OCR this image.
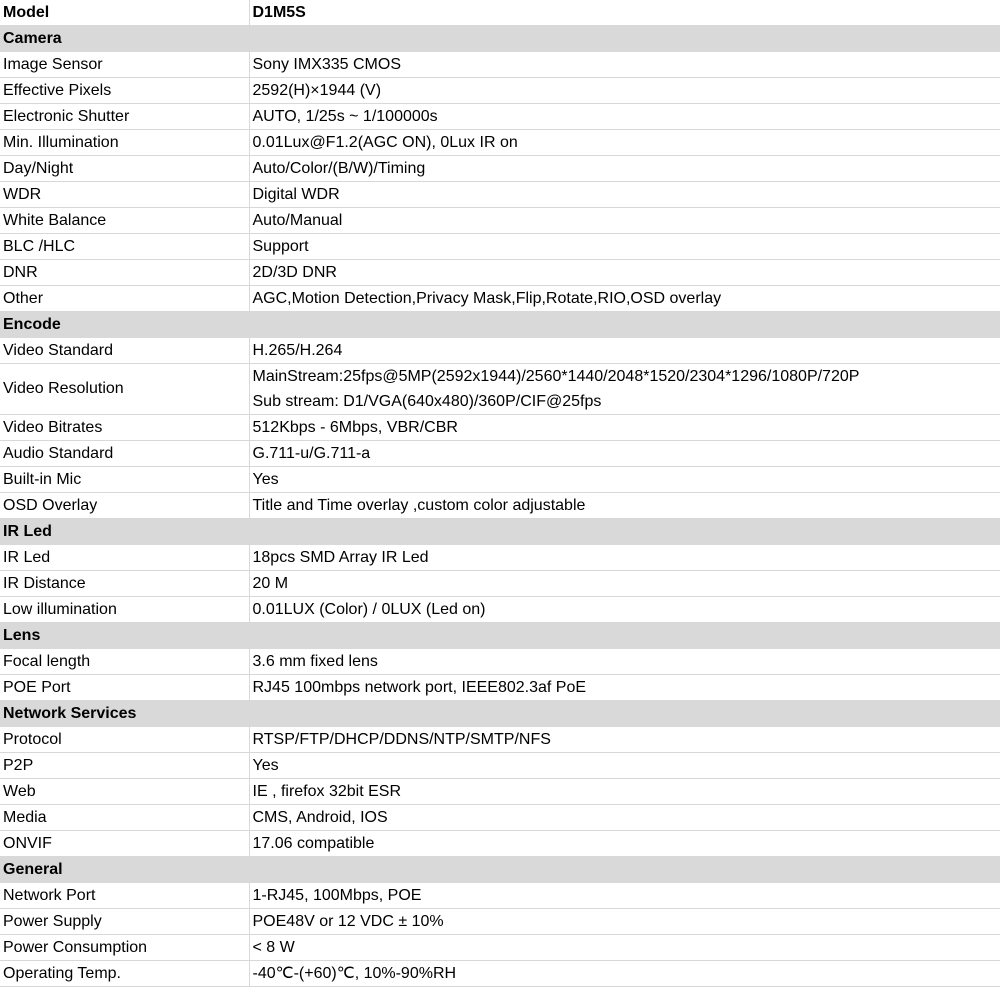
Model	D1M5S
Camera	
Image Sensor	Sony IMX335 CMOS
Effective Pixels	2592(H)×1944 (V)
Electronic Shutter	AUTO, 1/25s ~ 1/100000s
Min. Illumination	0.01Lux@F1.2(AGC ON), 0Lux IR on
Day/Night	Auto/Color/(B/W)/Timing
WDR	Digital WDR
White Balance	Auto/Manual
BLC /HLC	Support
DNR	2D/3D DNR
Other	AGC,Motion Detection,Privacy Mask,Flip,Rotate,RIO,OSD overlay
Encode	
Video Standard	H.265/H.264
Video Resolution	MainStream:25fps@5MP(2592x1944)/2560*1440/2048*1520/2304*1296/1080P/720P
Sub stream: D1/VGA(640x480)/360P/CIF@25fps

Video Bitrates	512Kbps - 6Mbps, VBR/CBR
Audio Standard	G.711-u/G.711-a
Built-in Mic	Yes
OSD Overlay	Title and Time overlay ,custom color adjustable
IR Led	
IR Led	18pcs SMD Array IR Led
IR Distance	20 M
Low illumination	0.01LUX (Color) / 0LUX (Led on)
Lens	
Focal length	3.6 mm fixed lens
POE Port	RJ45 100mbps network port, IEEE802.3af PoE
Network Services	
Protocol	RTSP/FTP/DHCP/DDNS/NTP/SMTP/NFS
P2P	Yes
Web	IE , firefox 32bit ESR
Media	CMS, Android, IOS
ONVIF	17.06 compatible
General	
Network Port	1-RJ45, 100Mbps, POE
Power Supply	POE48V or 12 VDC ± 10%
Power Consumption	< 8 W
Operating Temp.	-40℃-(+60)℃, 10%-90%RH
